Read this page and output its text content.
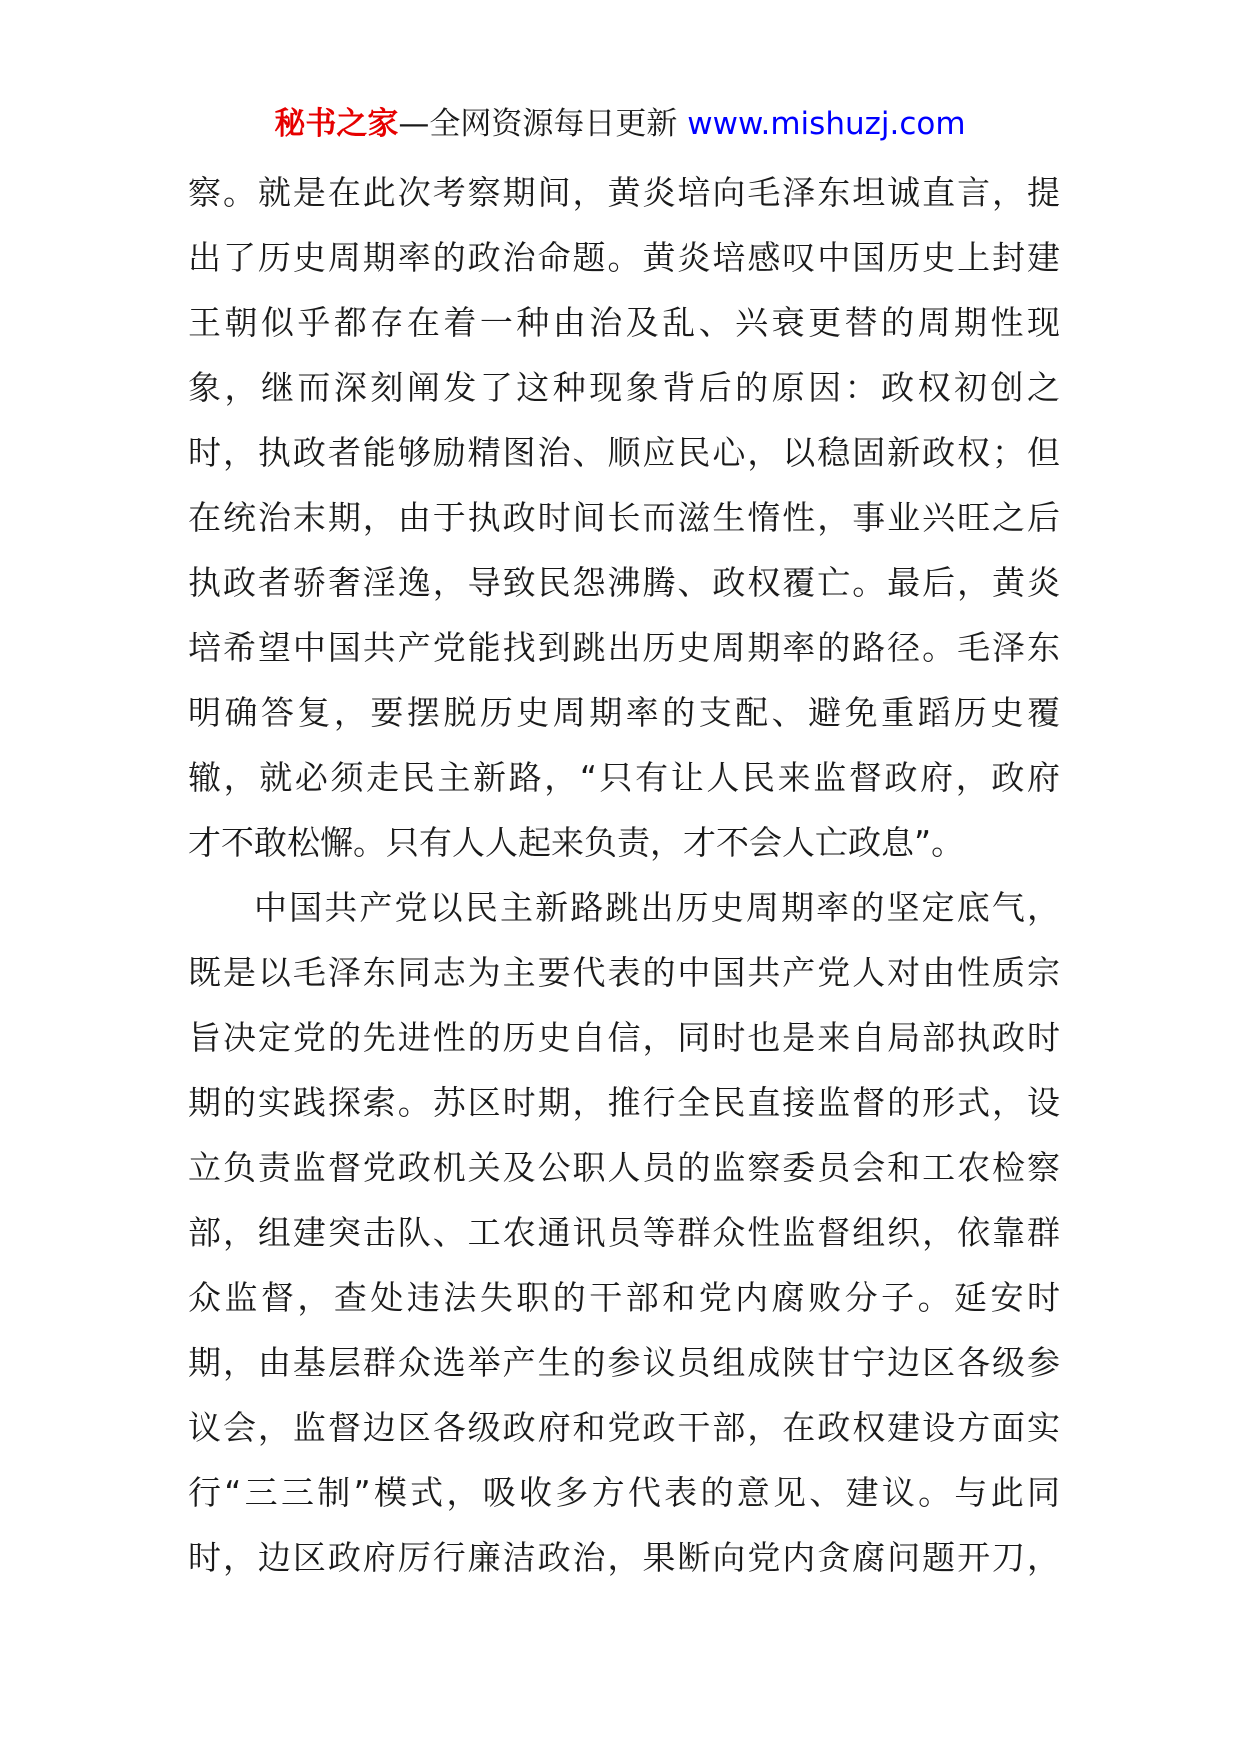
秘书之家—全网资源每日更新 www.mishuzj.com
察。就是在此次考察期间，黄炎培向毛泽东坦诚直言，提
出了历史周期率的政治命题。黄炎培感叹中国历史上封建
王朝似乎都存在着一种由治及乱、兴衰更替的周期性现
象，继而深刻阐发了这种现象背后的原因：政权初创之
时，执政者能够励精图治、顺应民心，以稳固新政权；但
在统治末期，由于执政时间长而滋生惰性，事业兴旺之后
执政者骄奢淫逸，导致民怨沸腾、政权覆亡。最后，黄炎
培希望中国共产党能找到跳出历史周期率的路径。毛泽东
明确答复，要摆脱历史周期率的支配、避免重蹈历史覆
辙，就必须走民主新路，“只有让人民来监督政府，政府
才不敢松懈。只有人人起来负责，才不会人亡政息”。
中国共产党以民主新路跳出历史周期率的坚定底气，
既是以毛泽东同志为主要代表的中国共产党人对由性质宗
旨决定党的先进性的历史自信，同时也是来自局部执政时
期的实践探索。苏区时期，推行全民直接监督的形式，设
立负责监督党政机关及公职人员的监察委员会和工农检察
部，组建突击队、工农通讯员等群众性监督组织，依靠群
众监督，查处违法失职的干部和党内腐败分子。延安时
期，由基层群众选举产生的参议员组成陕甘宁边区各级参
议会，监督边区各级政府和党政干部，在政权建设方面实
行“三三制”模式，吸收多方代表的意见、建议。与此同
时，边区政府厉行廉洁政治，果断向党内贪腐问题开刀，
